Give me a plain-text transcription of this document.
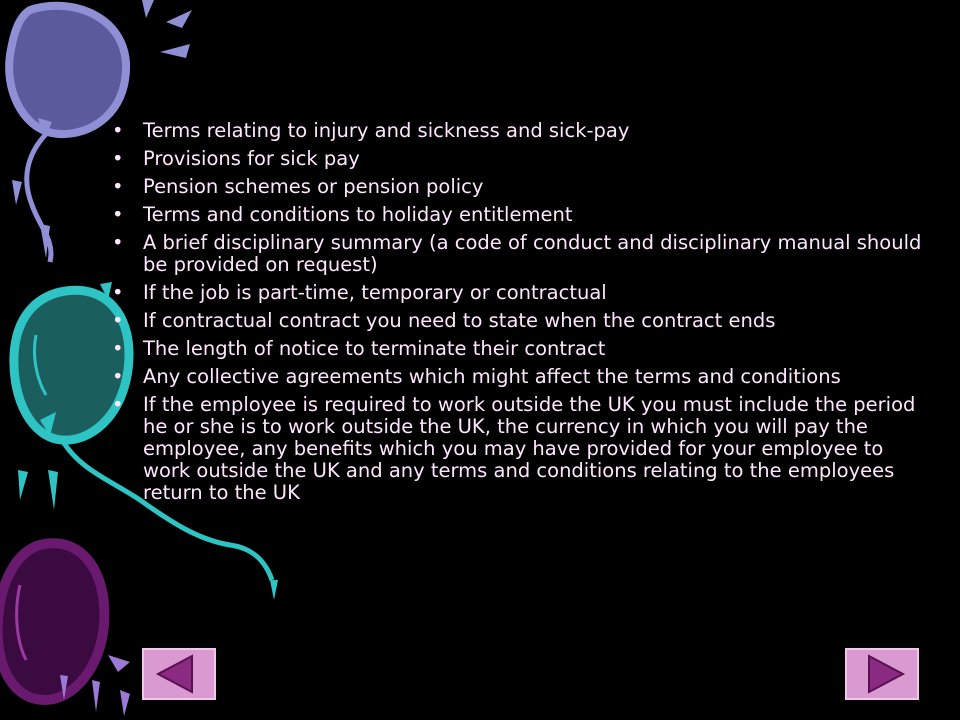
• Terms relating to injury and sickness and sick-pay
• Provisions for sick pay
• Pension schemes or pension policy
• Terms and conditions to holiday entitlement
• A brief disciplinary summary (a code of conduct and disciplinary manual should be provided on request)
• If the job is part-time, temporary or contractual
• If contractual contract you need to state when the contract ends
• The length of notice to terminate their contract
• Any collective agreements which might affect the terms and conditions
• If the employee is required to work outside the UK you must include the period he or she is to work outside the UK, the currency in which you will pay the employee, any benefits which you may have provided for your employee to work outside the UK and any terms and conditions relating to the employees return to the UK
